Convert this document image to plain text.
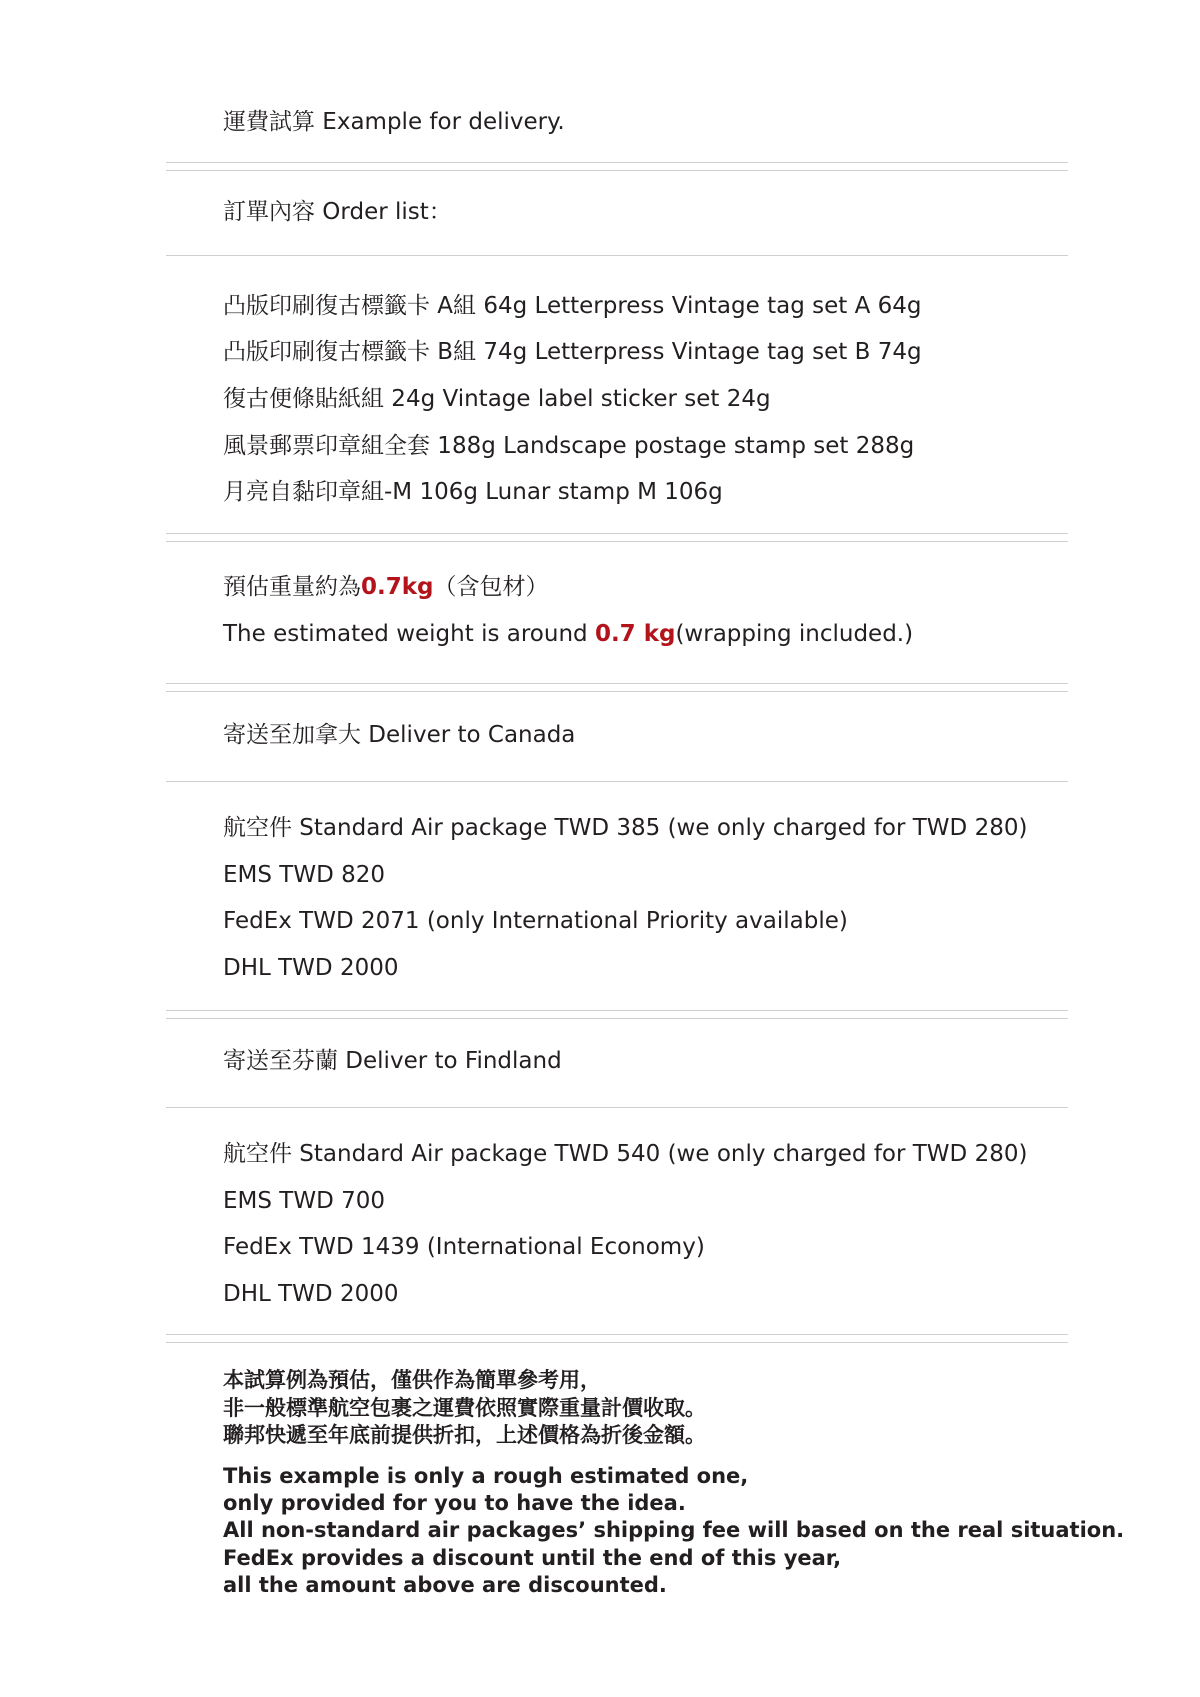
運費試算 Example for delivery.
訂單內容 Order list：
凸版印刷復古標籤卡 A組 64g Letterpress Vintage tag set A 64g
凸版印刷復古標籤卡 B組 74g Letterpress Vintage tag set B 74g
復古便條貼紙組 24g Vintage label sticker set 24g
風景郵票印章組全套 188g Landscape postage stamp set 288g
月亮自黏印章組-M 106g Lunar stamp M 106g
預估重量約為0.7kg（含包材）
The estimated weight is around 0.7 kg(wrapping included.)
寄送至加拿大 Deliver to Canada
航空件 Standard Air package TWD 385 (we only charged for TWD 280)
EMS TWD 820
FedEx TWD 2071 (only International Priority available)
DHL TWD 2000
寄送至芬蘭 Deliver to Findland
航空件 Standard Air package TWD 540 (we only charged for TWD 280)
EMS TWD 700
FedEx TWD 1439 (International Economy)
DHL TWD 2000
本試算例為預估，僅供作為簡單參考用，
非一般標準航空包裹之運費依照實際重量計價收取。
聯邦快遞至年底前提供折扣，上述價格為折後金額。
This example is only a rough estimated one,
only provided for you to have the idea.
All non-standard air packages’ shipping fee will based on the real situation.
FedEx provides a discount until the end of this year,
all the amount above are discounted.
